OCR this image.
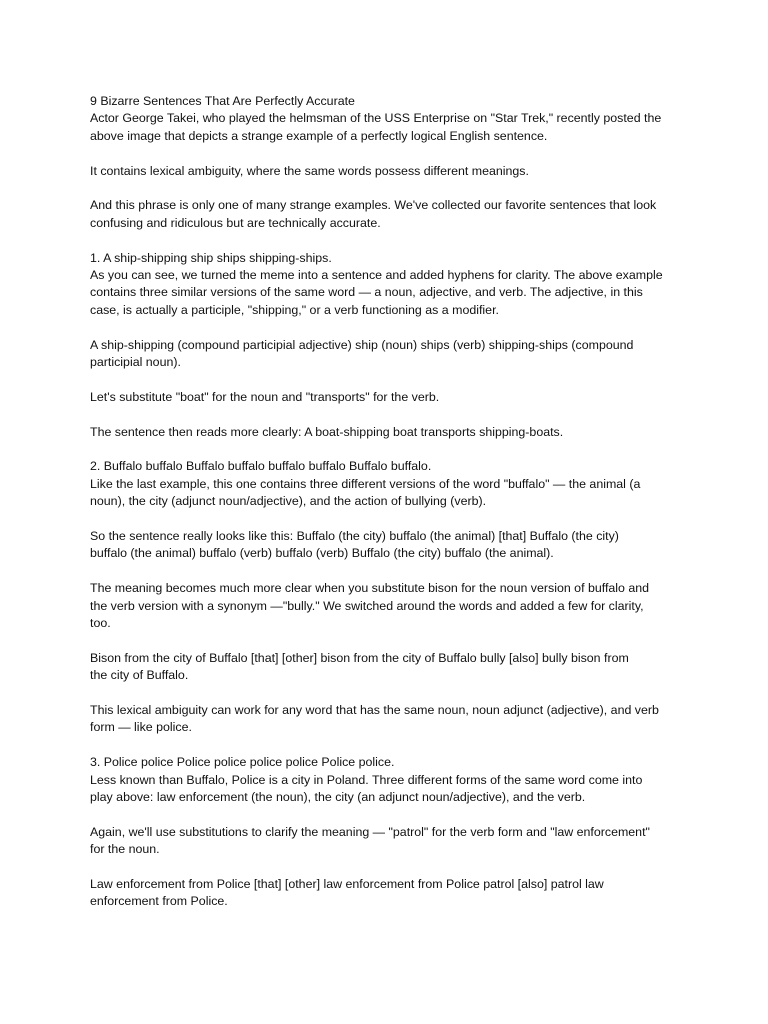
9 Bizarre Sentences That Are Perfectly Accurate
Actor George Takei, who played the helmsman of the USS Enterprise on "Star Trek," recently posted the
above image that depicts a strange example of a perfectly logical English sentence.
It contains lexical ambiguity, where the same words possess different meanings.
And this phrase is only one of many strange examples. We've collected our favorite sentences that look
confusing and ridiculous but are technically accurate.
1. A ship-shipping ship ships shipping-ships.
As you can see, we turned the meme into a sentence and added hyphens for clarity. The above example
contains three similar versions of the same word — a noun, adjective, and verb. The adjective, in this
case, is actually a participle, "shipping," or a verb functioning as a modifier.
A ship-shipping (compound participial adjective) ship (noun) ships (verb) shipping-ships (compound
participial noun).
Let's substitute "boat" for the noun and "transports" for the verb.
The sentence then reads more clearly: A boat-shipping boat transports shipping-boats.
2. Buffalo buffalo Buffalo buffalo buffalo buffalo Buffalo buffalo.
Like the last example, this one contains three different versions of the word "buffalo" — the animal (a
noun), the city (adjunct noun/adjective), and the action of bullying (verb).
So the sentence really looks like this: Buffalo (the city) buffalo (the animal) [that] Buffalo (the city)
buffalo (the animal) buffalo (verb) buffalo (verb) Buffalo (the city) buffalo (the animal).
The meaning becomes much more clear when you substitute bison for the noun version of buffalo and
the verb version with a synonym —"bully." We switched around the words and added a few for clarity,
too.
Bison from the city of Buffalo [that] [other] bison from the city of Buffalo bully [also] bully bison from
the city of Buffalo.
This lexical ambiguity can work for any word that has the same noun, noun adjunct (adjective), and verb
form — like police.
3. Police police Police police police police Police police.
Less known than Buffalo, Police is a city in Poland. Three different forms of the same word come into
play above: law enforcement (the noun), the city (an adjunct noun/adjective), and the verb.
Again, we'll use substitutions to clarify the meaning — "patrol" for the verb form and "law enforcement"
for the noun.
Law enforcement from Police [that] [other] law enforcement from Police patrol [also] patrol law
enforcement from Police.
